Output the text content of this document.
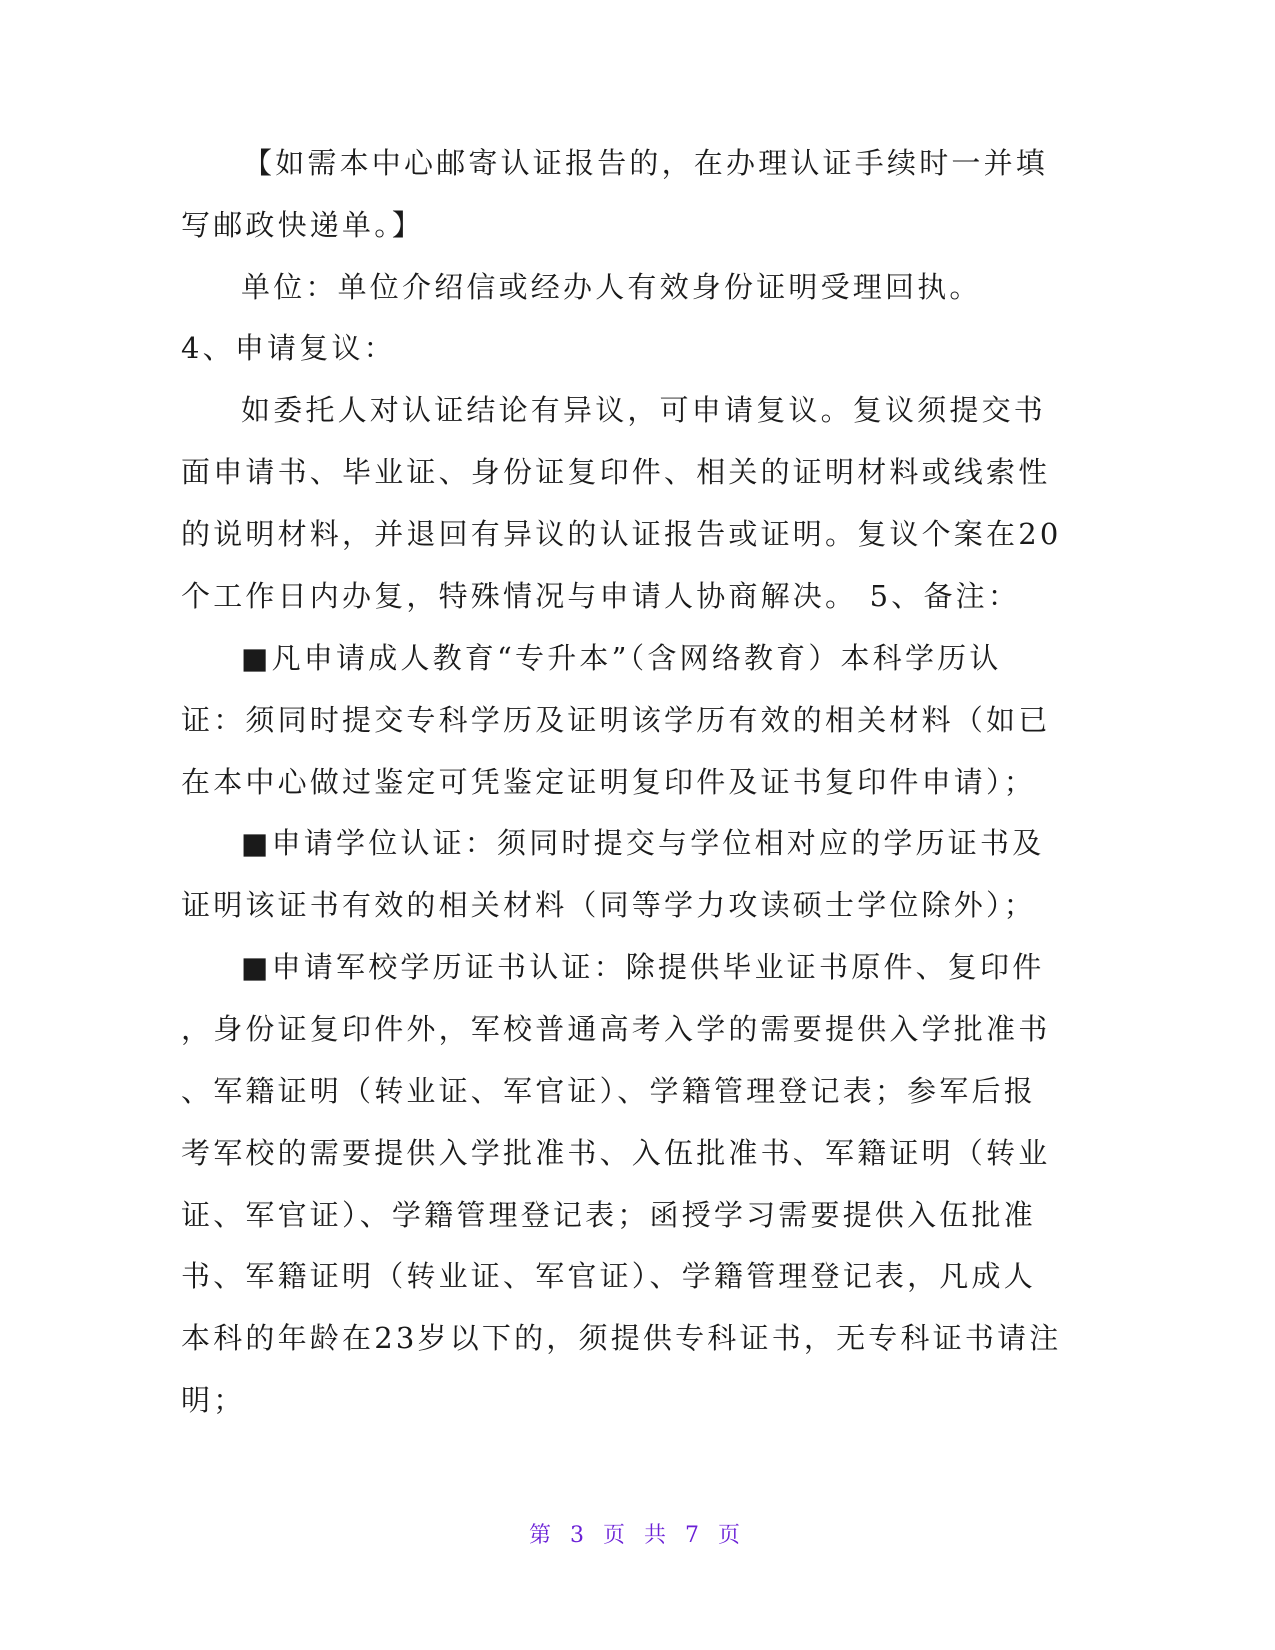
【如需本中心邮寄认证报告的，在办理认证手续时一并填
写邮政快递单。】
单位：单位介绍信或经办人有效身份证明受理回执。
4、申请复议：
如委托人对认证结论有异议，可申请复议。复议须提交书
面申请书、毕业证、身份证复印件、相关的证明材料或线索性
的说明材料，并退回有异议的认证报告或证明。复议个案在20
个工作日内办复，特殊情况与申请人协商解决。 5、备注：
■凡申请成人教育“专升本”（含网络教育）本科学历认
证：须同时提交专科学历及证明该学历有效的相关材料（如已
在本中心做过鉴定可凭鉴定证明复印件及证书复印件申请）；
■申请学位认证：须同时提交与学位相对应的学历证书及
证明该证书有效的相关材料（同等学力攻读硕士学位除外）；
■申请军校学历证书认证：除提供毕业证书原件、复印件
，身份证复印件外，军校普通高考入学的需要提供入学批准书
、军籍证明（转业证、军官证）、学籍管理登记表；参军后报
考军校的需要提供入学批准书、入伍批准书、军籍证明（转业
证、军官证）、学籍管理登记表；函授学习需要提供入伍批准
书、军籍证明（转业证、军官证）、学籍管理登记表，凡成人
本科的年龄在23岁以下的，须提供专科证书，无专科证书请注
明；
第 3 页 共 7 页
